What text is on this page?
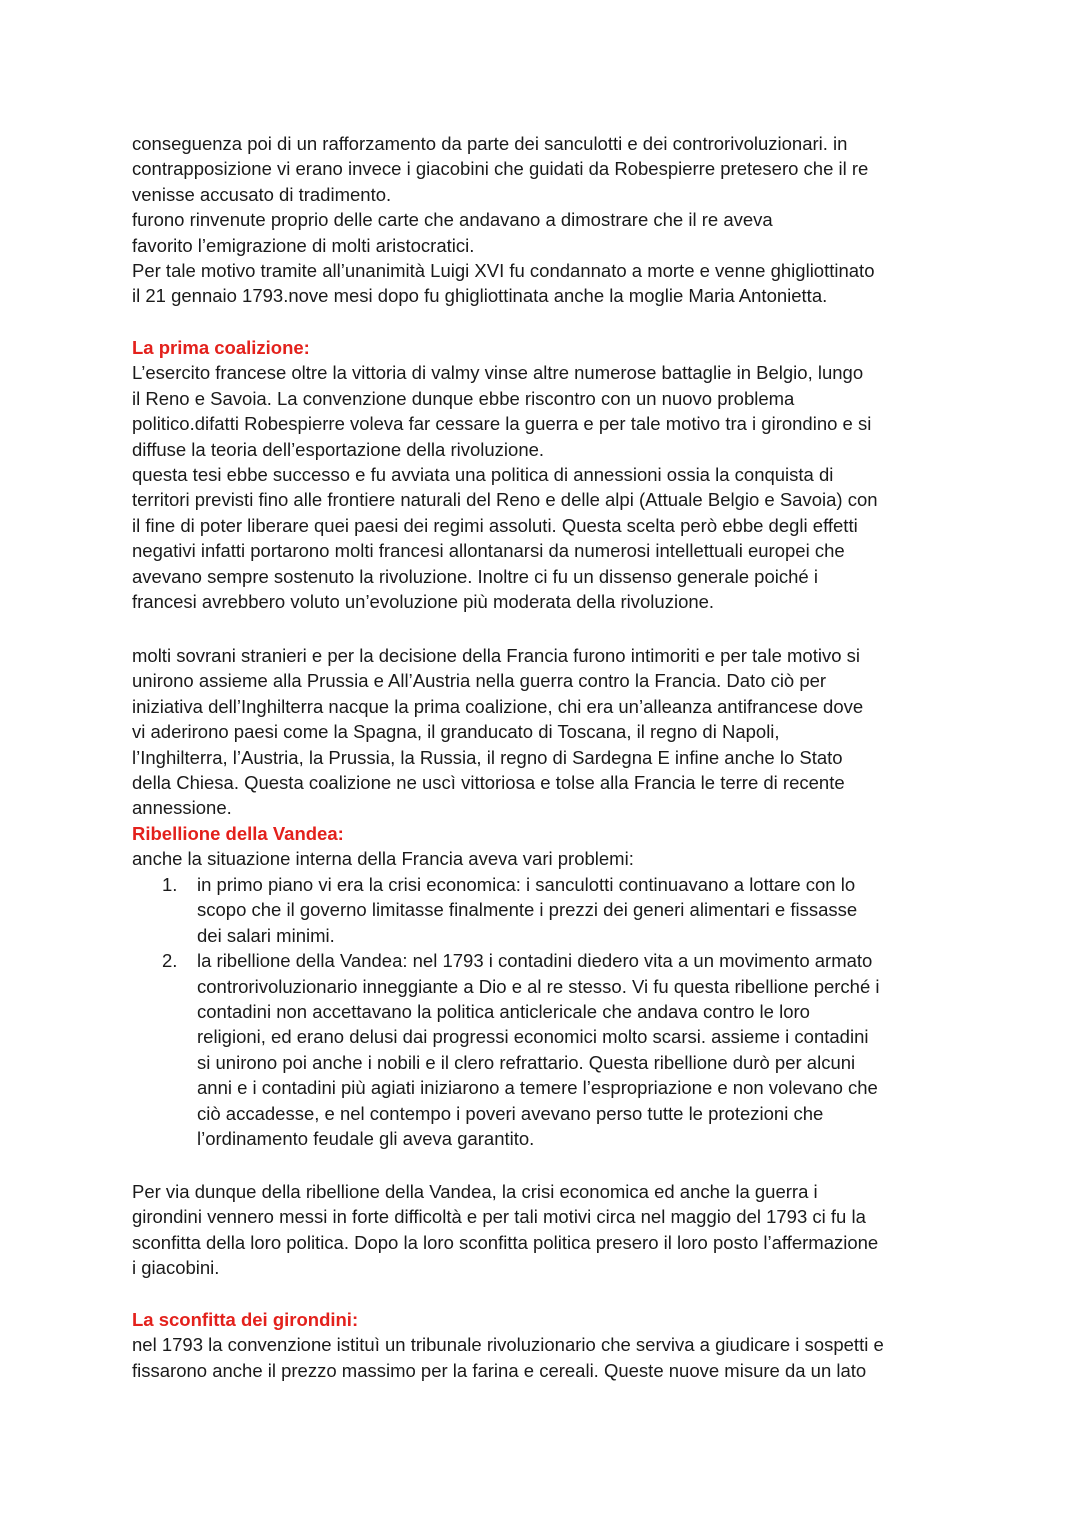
conseguenza poi di un rafforzamento da parte dei sanculotti e dei controrivoluzionari. in
contrapposizione vi erano invece i giacobini che guidati da Robespierre pretesero che il re
venisse accusato di tradimento.
furono rinvenute proprio delle carte che andavano a dimostrare che il re aveva
favorito l’emigrazione di molti aristocratici.
Per tale motivo tramite all’unanimità Luigi XVI fu condannato a morte e venne ghigliottinato
il 21 gennaio 1793.nove mesi dopo fu ghigliottinata anche la moglie Maria Antonietta.
La prima coalizione:
L’esercito francese oltre la vittoria di valmy vinse altre numerose battaglie in Belgio, lungo
il Reno e Savoia. La convenzione dunque ebbe riscontro con un nuovo problema
politico.difatti Robespierre voleva far cessare la guerra e per tale motivo tra i girondino e si
diffuse la teoria dell’esportazione della rivoluzione.
questa tesi ebbe successo e fu avviata una politica di annessioni ossia la conquista di
territori previsti fino alle frontiere naturali del Reno e delle alpi (Attuale Belgio e Savoia) con
il fine di poter liberare quei paesi dei regimi assoluti. Questa scelta però ebbe degli effetti
negativi infatti portarono molti francesi allontanarsi da numerosi intellettuali europei che
avevano sempre sostenuto la rivoluzione. Inoltre ci fu un dissenso generale poiché i
francesi avrebbero voluto un’evoluzione più moderata della rivoluzione.
molti sovrani stranieri e per la decisione della Francia furono intimoriti e per tale motivo si
unirono assieme alla Prussia e All’Austria nella guerra contro la Francia. Dato ciò per
iniziativa dell’Inghilterra nacque la prima coalizione, chi era un’alleanza antifrancese dove
vi aderirono paesi come la Spagna, il granducato di Toscana, il regno di Napoli,
l’Inghilterra, l’Austria, la Prussia, la Russia, il regno di Sardegna E infine anche lo Stato
della Chiesa. Questa coalizione ne uscì vittoriosa e tolse alla Francia le terre di recente
annessione.
Ribellione della Vandea:
anche la situazione interna della Francia aveva vari problemi:
1. in primo piano vi era la crisi economica: i sanculotti continuavano a lottare con lo
scopo che il governo limitasse finalmente i prezzi dei generi alimentari e fissasse
dei salari minimi.
2. la ribellione della Vandea: nel 1793 i contadini diedero vita a un movimento armato
controrivoluzionario inneggiante a Dio e al re stesso. Vi fu questa ribellione perché i
contadini non accettavano la politica anticlericale che andava contro le loro
religioni, ed erano delusi dai progressi economici molto scarsi. assieme i contadini
si unirono poi anche i nobili e il clero refrattario. Questa ribellione durò per alcuni
anni e i contadini più agiati iniziarono a temere l’espropriazione e non volevano che
ciò accadesse, e nel contempo i poveri avevano perso tutte le protezioni che
l’ordinamento feudale gli aveva garantito.
Per via dunque della ribellione della Vandea, la crisi economica ed anche la guerra i
girondini vennero messi in forte difficoltà e per tali motivi circa nel maggio del 1793 ci fu la
sconfitta della loro politica. Dopo la loro sconfitta politica presero il loro posto l’affermazione
i giacobini.
La sconfitta dei girondini:
nel 1793 la convenzione istituì un tribunale rivoluzionario che serviva a giudicare i sospetti e
fissarono anche il prezzo massimo per la farina e cereali. Queste nuove misure da un lato
